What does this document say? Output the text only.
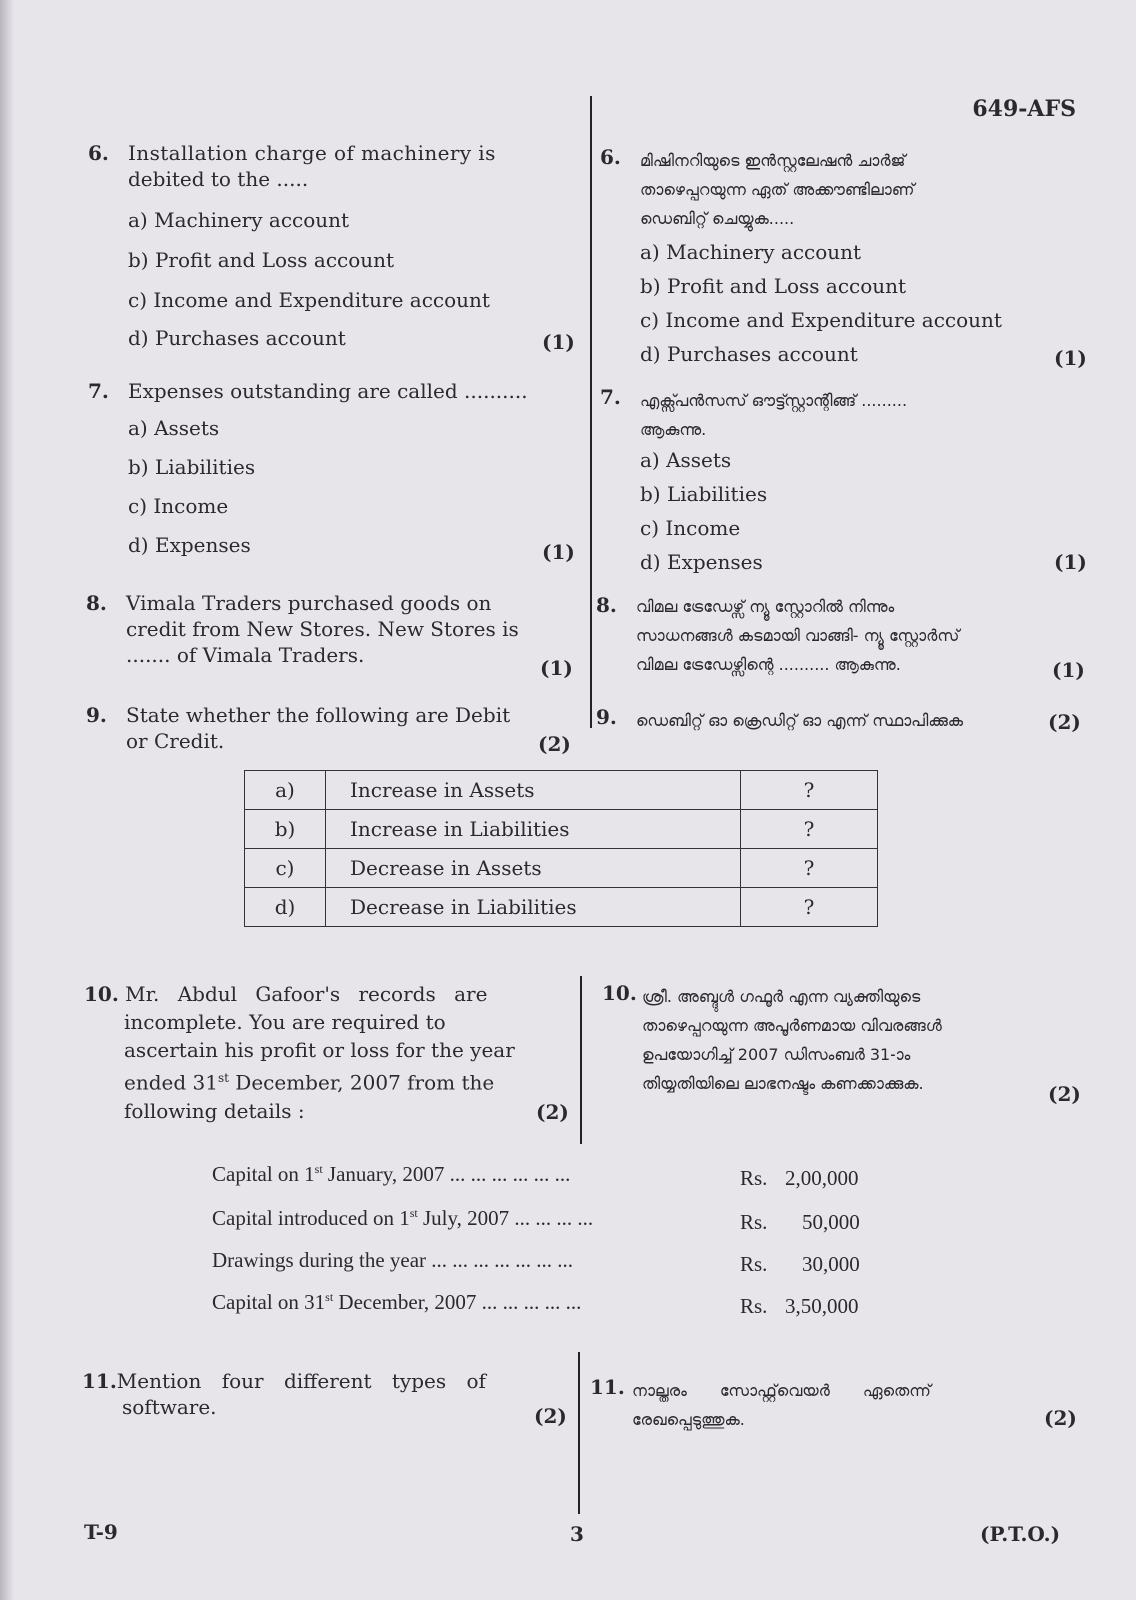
649-AFS
6. Installation charge of machinery is
debited to the .....
a) Machinery account
b) Profit and Loss account
c) Income and Expenditure account
d) Purchases account	(1)
6. മിഷിനറിയുടെ ഇൻസ്റ്റലേഷൻ ചാർജ്
താഴെപ്പറയുന്ന ഏത് അക്കൗണ്ടിലാണ്
ഡെബിറ്റ് ചെയ്യുക.....
a) Machinery account
b) Profit and Loss account
c) Income and Expenditure account
d) Purchases account	(1)
7. Expenses outstanding are called ..........
a) Assets
b) Liabilities
c) Income
d) Expenses	(1)
7. എക്സ്പൻസസ് ഔട്ട്സ്റ്റാന്റിങ്ങ് .........
ആകുന്നു.
a) Assets
b) Liabilities
c) Income
d) Expenses	(1)
8. Vimala Traders purchased goods on
credit from New Stores. New Stores is
....... of Vimala Traders.
(1)
8. വിമല ട്രേഡേഴ്സ് ന്യൂ സ്റ്റോറിൽ നിന്നും
സാധനങ്ങൾ കടമായി വാങ്ങി- ന്യൂ സ്റ്റോർസ്
വിമല ട്രേഡേഴ്സിന്റെ .......... ആകുന്നു.	(1)
9. State whether the following are Debit
or Credit.	(2)
9. ഡെബിറ്റ് ഓ ക്രെഡിറ്റ് ഓ എന്ന് സ്ഥാപിക്കുക	(2)
a)	Increase in Assets	?
b)	Increase in Liabilities	?
c)	Decrease in Assets	?
d)	Decrease in Liabilities	?
10. Mr. Abdul Gafoor's records are
incomplete. You are required to
ascertain his profit or loss for the year
ended 31st December, 2007 from the
following details :	(2)
10. ശ്രീ. അബ്ദുൾ ഗഫൂർ എന്ന വ്യക്തിയുടെ
താഴെപ്പറയുന്ന അപൂർണമായ വിവരങ്ങൾ
ഉപയോഗിച്ച് 2007 ഡിസംബർ 31-ാം
തിയ്യതിയിലെ ലാഭനഷ്ടം കണക്കാക്കുക.	(2)
Capital on 1st January, 2007 ... ... ... ... ... ...	Rs. 2,00,000
Capital introduced on 1st July, 2007 ... ... ... ...	Rs. 50,000
Drawings during the year ... ... ... ... ... ... ...	Rs. 30,000
Capital on 31st December, 2007 ... ... ... ... ...	Rs. 3,50,000
11.Mention four different types of
software.	(2)
11. നാല്തരം സോഫ്റ്റ്‌വെയർ ഏതെന്ന്
രേഖപ്പെടുത്തുക.	(2)
T-9	3	(P.T.O.)
